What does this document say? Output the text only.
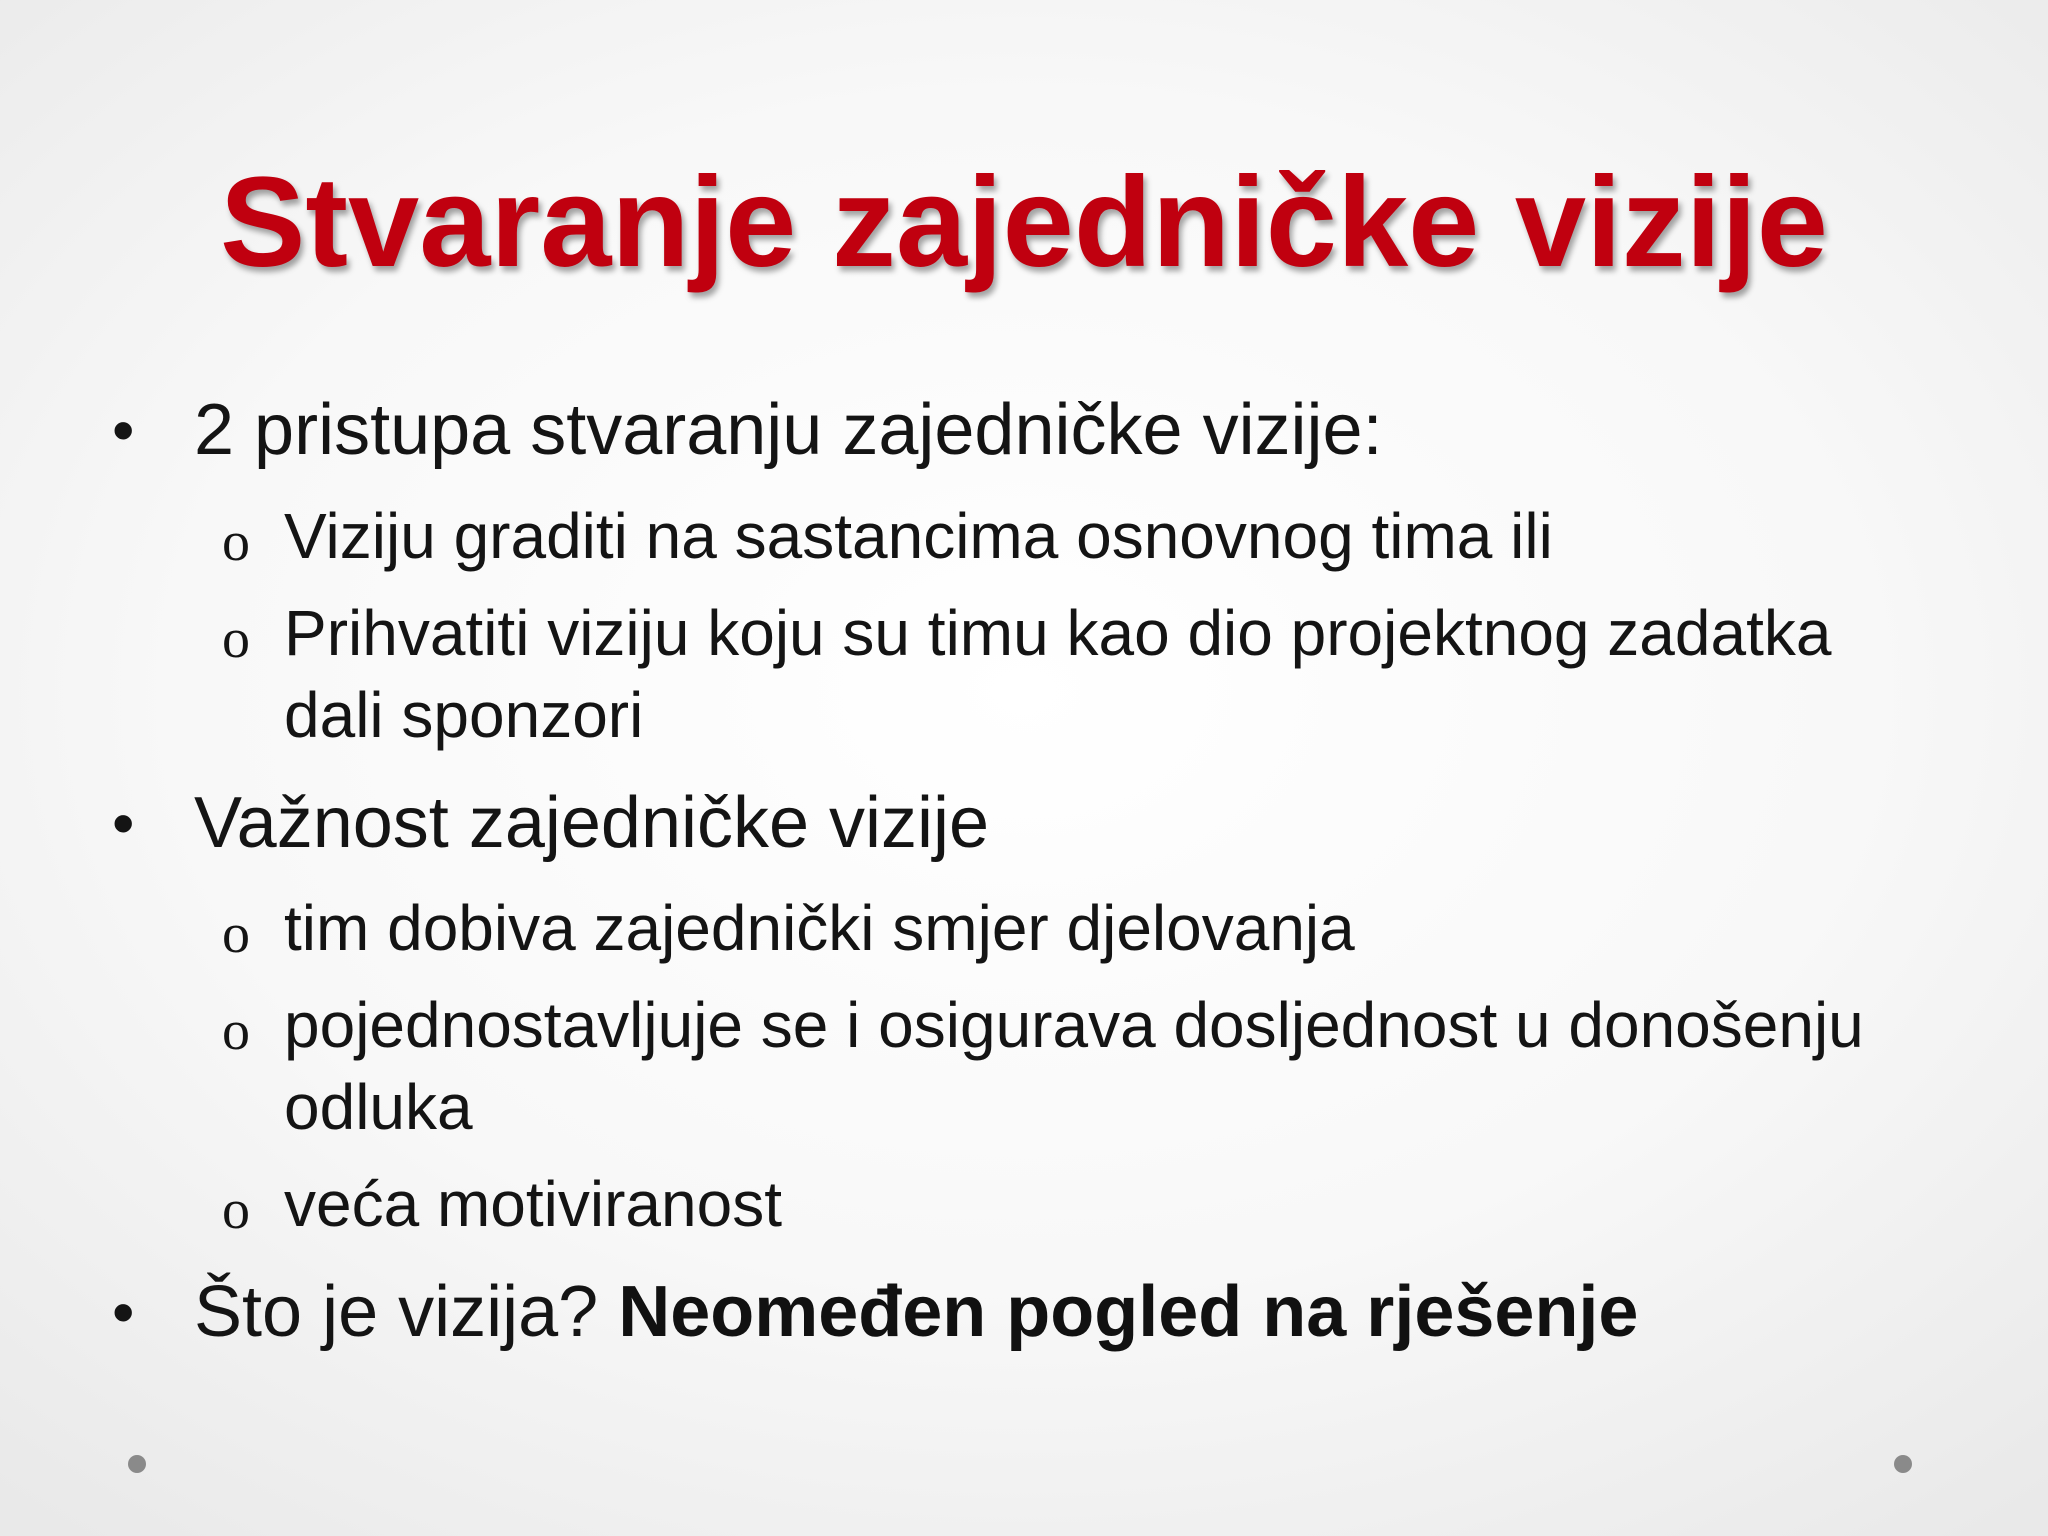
Stvaranje zajedničke vizije
• 2 pristupa stvaranju zajedničke vizije:
o Viziju graditi na sastancima osnovnog tima ili
o Prihvatiti viziju koju su timu kao dio projektnog zadatka
dali sponzori
• Važnost zajedničke vizije
o tim dobiva zajednički smjer djelovanja
o pojednostavljuje se i osigurava dosljednost u donošenju
odluka
o veća motiviranost
• Što je vizija? Neomeđen pogled na rješenje
